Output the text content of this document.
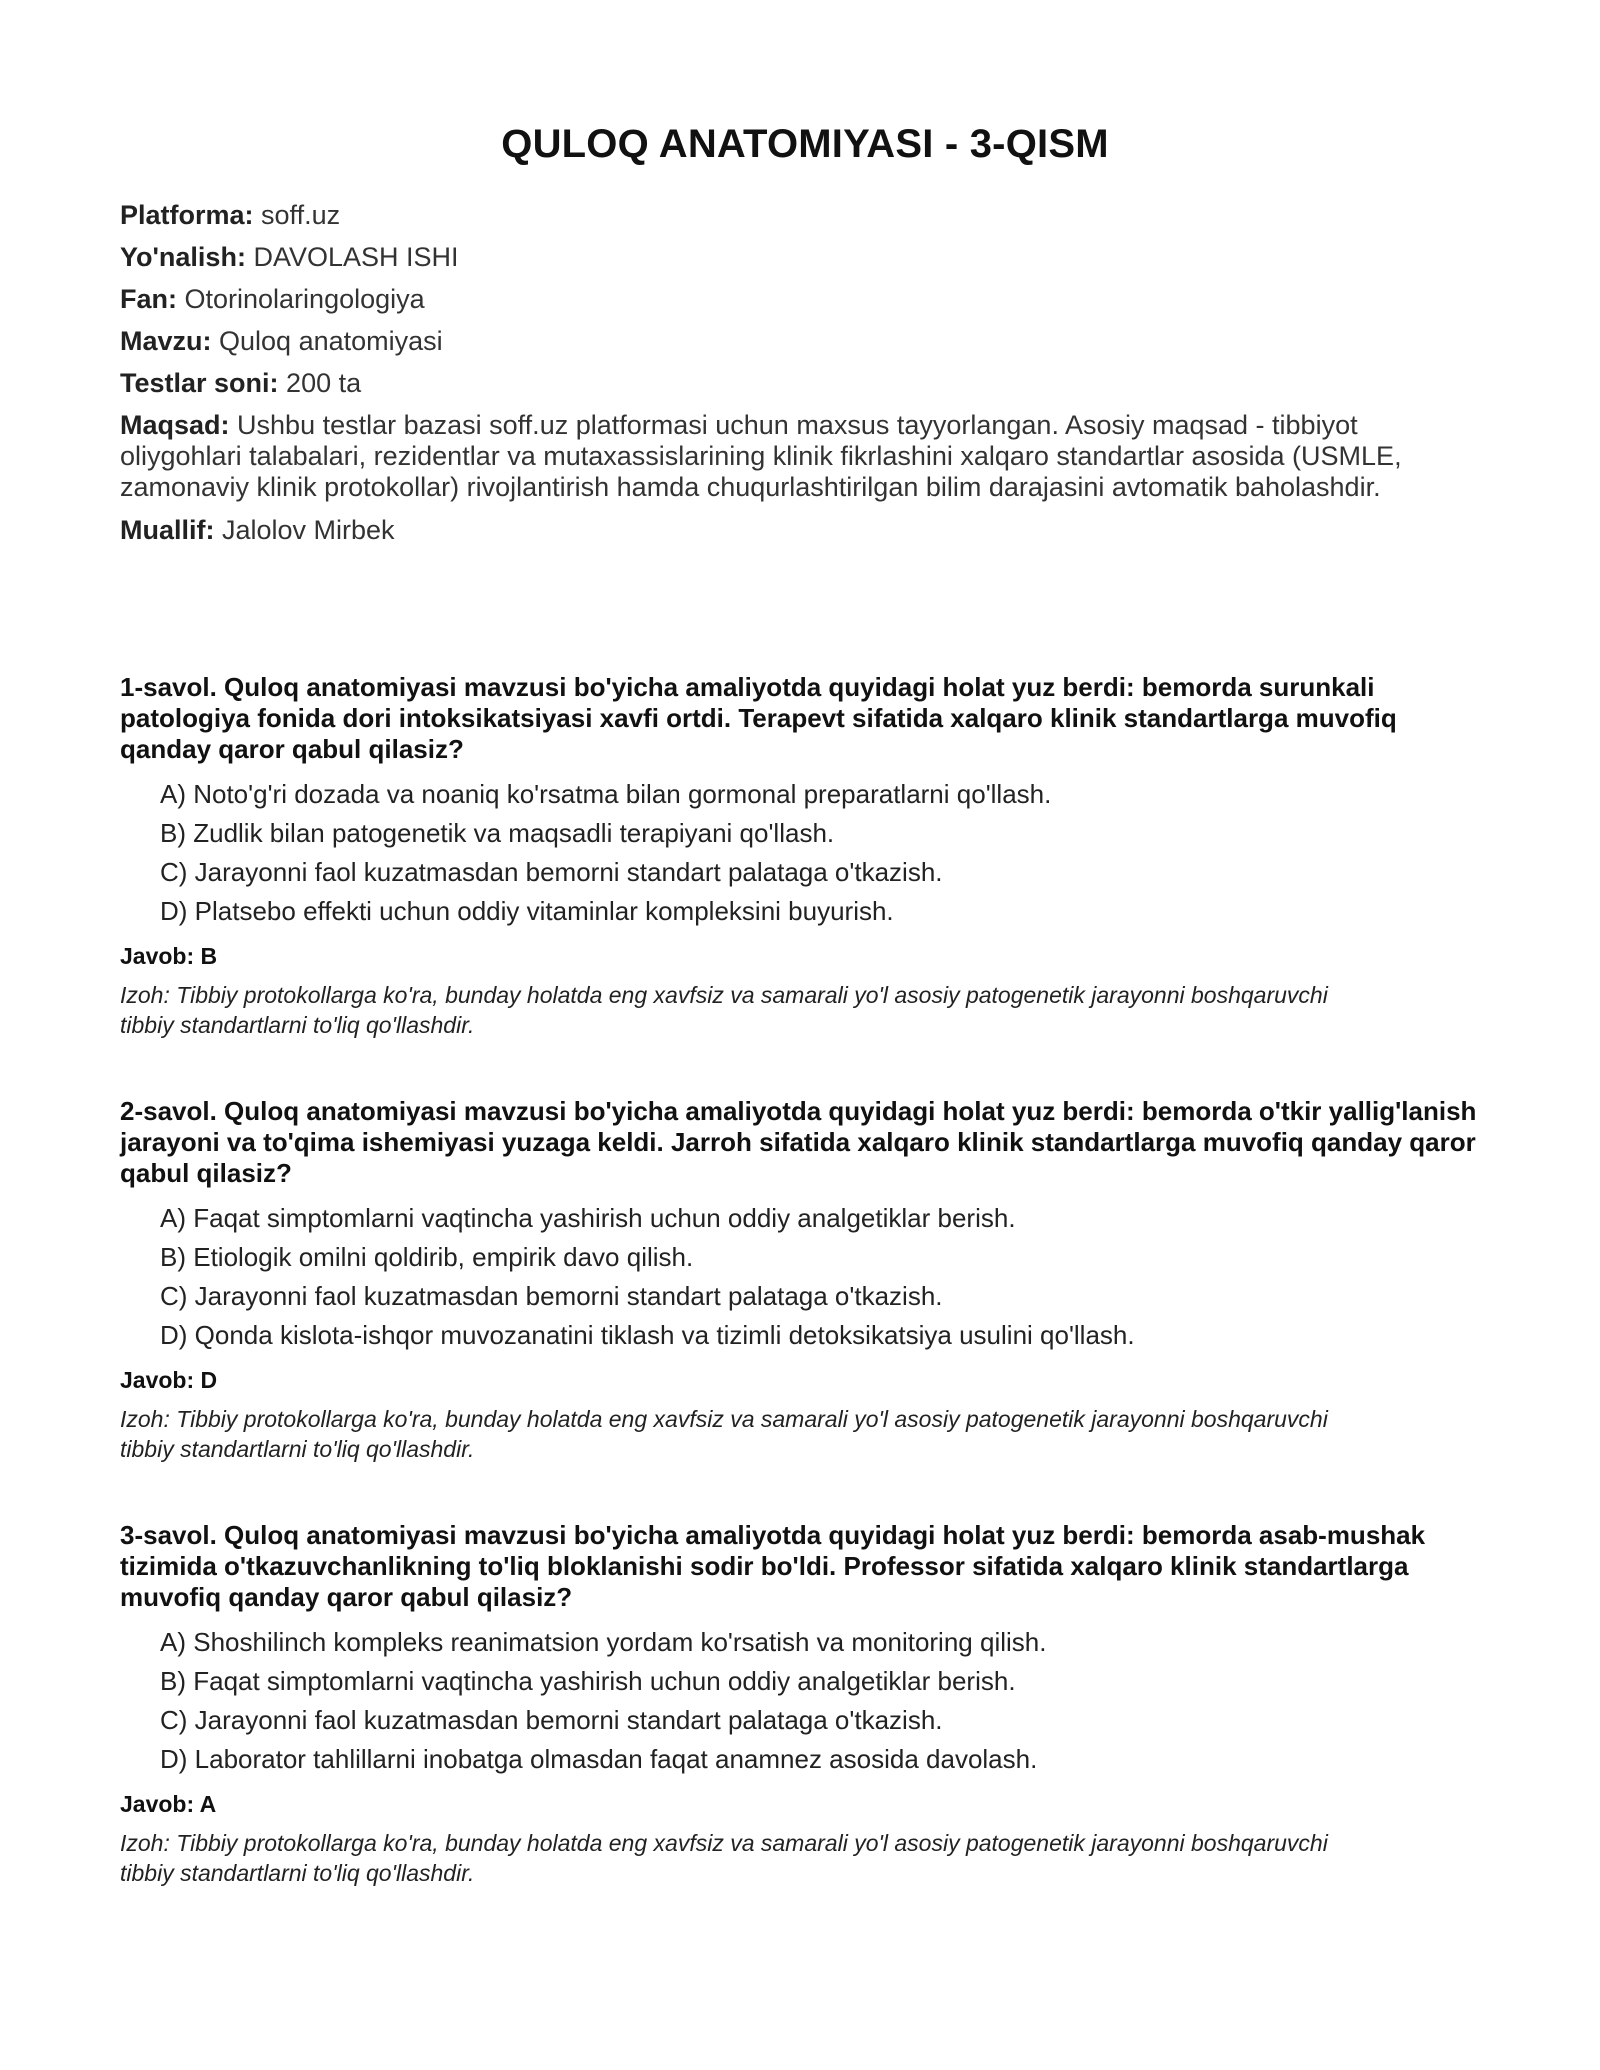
QULOQ ANATOMIYASI - 3-QISM
Platforma: soff.uz
Yo'nalish: DAVOLASH ISHI
Fan: Otorinolaringologiya
Mavzu: Quloq anatomiyasi
Testlar soni: 200 ta
Maqsad: Ushbu testlar bazasi soff.uz platformasi uchun maxsus tayyorlangan. Asosiy maqsad - tibbiyot oliygohlari talabalari, rezidentlar va mutaxassislarining klinik fikrlashini xalqaro standartlar asosida (USMLE, zamonaviy klinik protokollar) rivojlantirish hamda chuqurlashtirilgan bilim darajasini avtomatik baholashdir.
Muallif: Jalolov Mirbek
1-savol. Quloq anatomiyasi mavzusi bo'yicha amaliyotda quyidagi holat yuz berdi: bemorda surunkali patologiya fonida dori intoksikatsiyasi xavfi ortdi. Terapevt sifatida xalqaro klinik standartlarga muvofiq qanday qaror qabul qilasiz?
A) Noto'g'ri dozada va noaniq ko'rsatma bilan gormonal preparatlarni qo'llash.
B) Zudlik bilan patogenetik va maqsadli terapiyani qo'llash.
C) Jarayonni faol kuzatmasdan bemorni standart palataga o'tkazish.
D) Platsebo effekti uchun oddiy vitaminlar kompleksini buyurish.
Javob: B
Izoh: Tibbiy protokollarga ko'ra, bunday holatda eng xavfsiz va samarali yo'l asosiy patogenetik jarayonni boshqaruvchi tibbiy standartlarni to'liq qo'llashdir.
2-savol. Quloq anatomiyasi mavzusi bo'yicha amaliyotda quyidagi holat yuz berdi: bemorda o'tkir yallig'lanish jarayoni va to'qima ishemiyasi yuzaga keldi. Jarroh sifatida xalqaro klinik standartlarga muvofiq qanday qaror qabul qilasiz?
A) Faqat simptomlarni vaqtincha yashirish uchun oddiy analgetiklar berish.
B) Etiologik omilni qoldirib, empirik davo qilish.
C) Jarayonni faol kuzatmasdan bemorni standart palataga o'tkazish.
D) Qonda kislota-ishqor muvozanatini tiklash va tizimli detoksikatsiya usulini qo'llash.
Javob: D
Izoh: Tibbiy protokollarga ko'ra, bunday holatda eng xavfsiz va samarali yo'l asosiy patogenetik jarayonni boshqaruvchi tibbiy standartlarni to'liq qo'llashdir.
3-savol. Quloq anatomiyasi mavzusi bo'yicha amaliyotda quyidagi holat yuz berdi: bemorda asab-mushak tizimida o'tkazuvchanlikning to'liq bloklanishi sodir bo'ldi. Professor sifatida xalqaro klinik standartlarga muvofiq qanday qaror qabul qilasiz?
A) Shoshilinch kompleks reanimatsion yordam ko'rsatish va monitoring qilish.
B) Faqat simptomlarni vaqtincha yashirish uchun oddiy analgetiklar berish.
C) Jarayonni faol kuzatmasdan bemorni standart palataga o'tkazish.
D) Laborator tahlillarni inobatga olmasdan faqat anamnez asosida davolash.
Javob: A
Izoh: Tibbiy protokollarga ko'ra, bunday holatda eng xavfsiz va samarali yo'l asosiy patogenetik jarayonni boshqaruvchi tibbiy standartlarni to'liq qo'llashdir.
